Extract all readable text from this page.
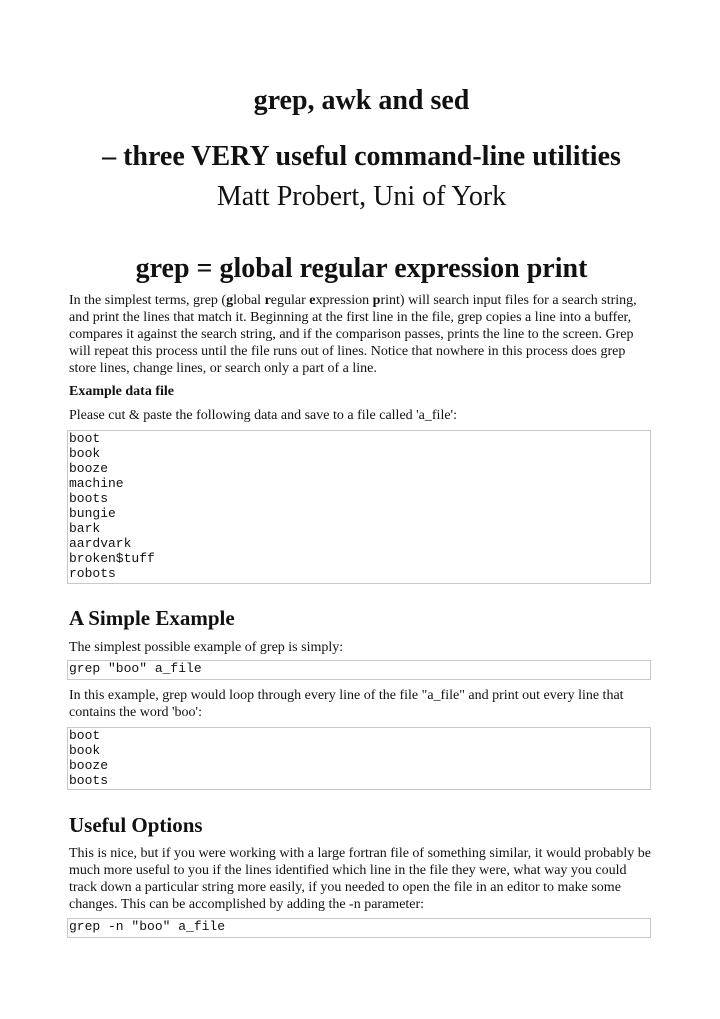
grep, awk and sed
– three VERY useful command-line utilities

Matt Probert, Uni of York

grep = global regular expression print

In the simplest terms, grep (global regular expression print) will search input files for a search string, and print the lines that match it. Beginning at the first line in the file, grep copies a line into a buffer, compares it against the search string, and if the comparison passes, prints the line to the screen. Grep will repeat this process until the file runs out of lines. Notice that nowhere in this process does grep store lines, change lines, or search only a part of a line.

Example data file

Please cut & paste the following data and save to a file called 'a_file':

boot
book
booze
machine
boots
bungie
bark
aardvark
broken$tuff
robots
A Simple Example

The simplest possible example of grep is simply:

grep "boo" a_file

In this example, grep would loop through every line of the file "a_file" and print out every line that contains the word 'boo':

boot
book
booze
boots
Useful Options

This is nice, but if you were working with a large fortran file of something similar, it would probably be much more useful to you if the lines identified which line in the file they were, what way you could track down a particular string more easily, if you needed to open the file in an editor to make some changes. This can be accomplished by adding the -n parameter:

grep -n "boo" a_file
